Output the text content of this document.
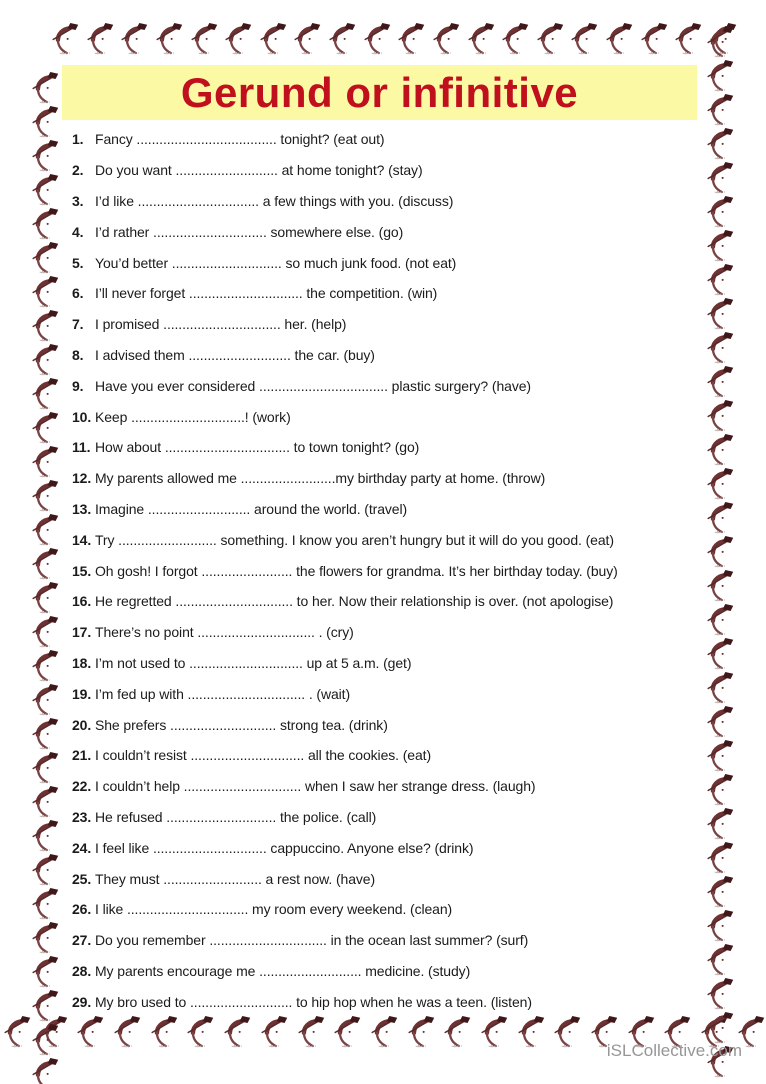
Gerund or infinitive
1. Fancy ..................................... tonight? (eat out)
2. Do you want ........................... at home tonight? (stay)
3. I’d like ................................ a few things with you. (discuss)
4. I’d rather .............................. somewhere else. (go)
5. You’d better ............................. so much junk food. (not eat)
6. I’ll never forget .............................. the competition. (win)
7. I promised ............................... her. (help)
8. I advised them ........................... the car. (buy)
9. Have you ever considered .................................. plastic surgery? (have)
10. Keep ..............................! (work)
11. How about ................................. to town tonight? (go)
12. My parents allowed me .........................my birthday party at home. (throw)
13. Imagine ........................... around the world. (travel)
14. Try .......................... something. I know you aren’t hungry but it will do you good. (eat)
15. Oh gosh! I forgot ........................ the flowers for grandma. It’s her birthday today. (buy)
16. He regretted ............................... to her. Now their relationship is over. (not apologise)
17. There’s no point ............................... . (cry)
18. I’m not used to .............................. up at 5 a.m. (get)
19. I’m fed up with ............................... . (wait)
20. She prefers ............................ strong tea. (drink)
21. I couldn’t resist .............................. all the cookies. (eat)
22. I couldn’t help ............................... when I saw her strange dress. (laugh)
23. He refused ............................. the police. (call)
24. I feel like .............................. cappuccino. Anyone else? (drink)
25. They must .......................... a rest now. (have)
26. I like ................................ my room every weekend. (clean)
27. Do you remember ............................... in the ocean last summer? (surf)
28. My parents encourage me ........................... medicine. (study)
29. My bro used to ........................... to hip hop when he was a teen. (listen)
iSLCollective.com
